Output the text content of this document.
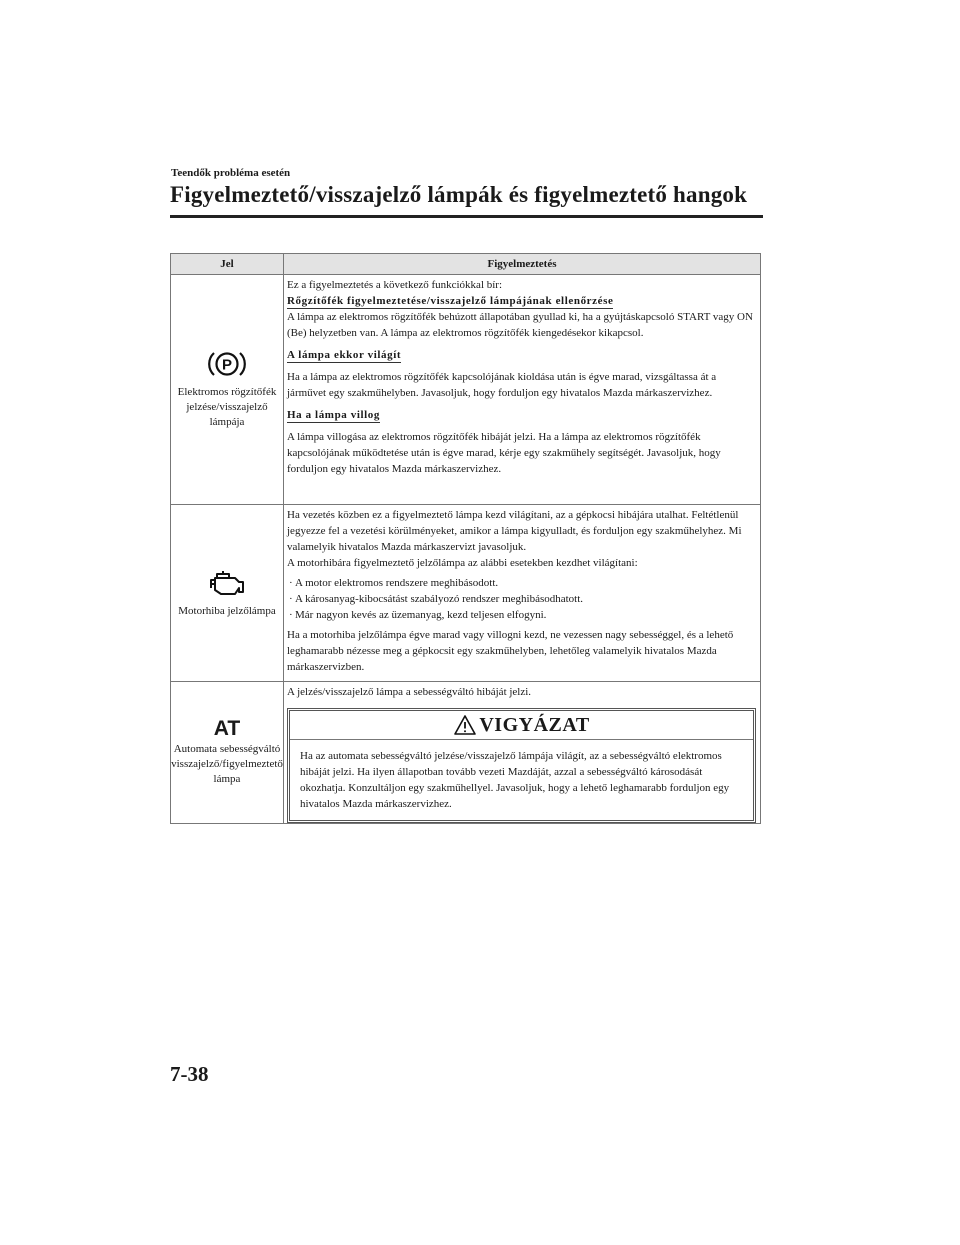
Teendők probléma esetén
Figyelmeztető/visszajelző lámpák és figyelmeztető hangok
Jel	Figyelmeztetés
P
Elektromos rögzítőfék jelzése/visszajelző lámpája

Ez a figyelmeztetés a következő funkciókkal bír:

Rőgzítőfék figyelmeztetése/visszajelző lámpájának ellenőrzése

A lámpa az elektromos rögzítőfék behúzott állapotában gyullad ki, ha a gyújtáskapcsoló START vagy ON (Be) helyzetben van. A lámpa az elektromos rögzítőfék kiengedésekor kikapcsol.

A lámpa ekkor világít

Ha a lámpa az elektromos rögzítőfék kapcsolójának kioldása után is égve marad, vizsgáltassa át a járművet egy szakműhelyben. Javasoljuk, hogy forduljon egy hivatalos Mazda márkaszervizhez.

Ha a lámpa villog

A lámpa villogása az elektromos rögzítőfék hibáját jelzi. Ha a lámpa az elektromos rögzítőfék kapcsolójának működtetése után is égve marad, kérje egy szakműhely segítségét. Javasoljuk, hogy forduljon egy hivatalos Mazda márkaszervizhez.

Motorhiba jelzőlámpa

Ha vezetés közben ez a figyelmeztető lámpa kezd világítani, az a gépkocsi hibájára utalhat. Feltétlenül jegyezze fel a vezetési körülményeket, amikor a lámpa kigyulladt, és forduljon egy szakműhelyhez. Mi valamelyik hivatalos Mazda márkaszervizt javasoljuk.

A motorhibára figyelmeztető jelzőlámpa az alábbi esetekben kezdhet világítani:

· A motor elektromos rendszere meghibásodott.
· A károsanyag-kibocsátást szabályozó rendszer meghibásodhatott.
· Már nagyon kevés az üzemanyag, kezd teljesen elfogyni.

Ha a motorhiba jelzőlámpa égve marad vagy villogni kezd, ne vezessen nagy sebességgel, és a lehető leghamarabb nézesse meg a gépkocsit egy szakműhelyben, lehetőleg valamelyik hivatalos Mazda márkaszervizben.

AT
Automata sebességváltó visszajelző/figyelmeztető lámpa

A jelzés/visszajelző lámpa a sebességváltó hibáját jelzi.

VIGYÁZAT
Ha az automata sebességváltó jelzése/visszajelző lámpája világít, az a sebességváltó elektromos hibáját jelzi. Ha ilyen állapotban tovább vezeti Mazdáját, azzal a sebességváltó károsodását okozhatja. Konzultáljon egy szakműhellyel. Javasoljuk, hogy a lehető leghamarabb forduljon egy hivatalos Mazda márkaszervizhez.
7-38
